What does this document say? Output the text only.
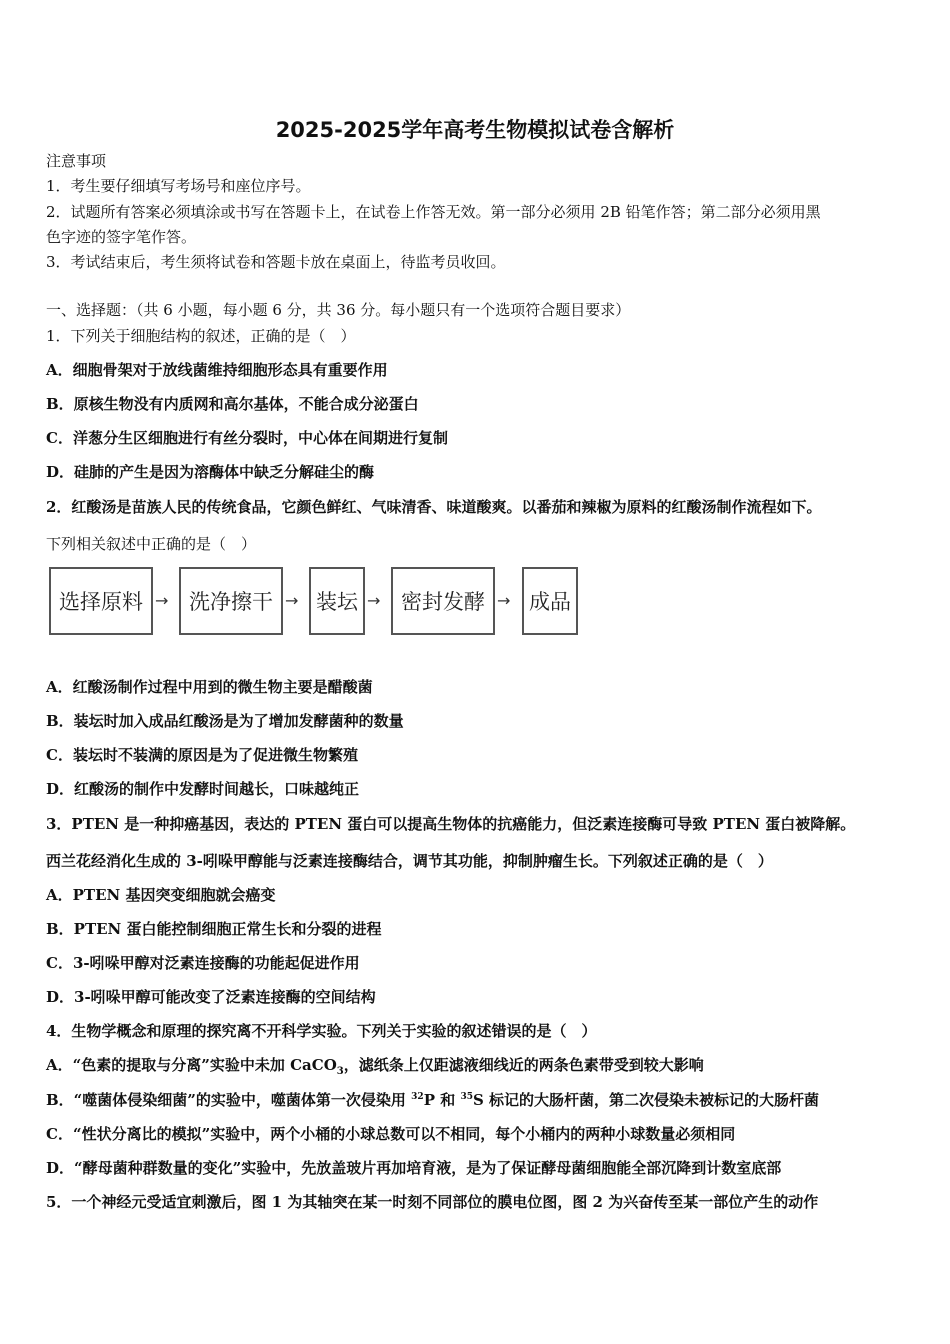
2025-2025学年高考生物模拟试卷含解析
注意事项
1．考生要仔细填写考场号和座位序号。
2．试题所有答案必须填涂或书写在答题卡上，在试卷上作答无效。第一部分必须用 2B 铅笔作答；第二部分必须用黑
色字迹的签字笔作答。
3．考试结束后，考生须将试卷和答题卡放在桌面上，待监考员收回。
一、选择题：（共 6 小题，每小题 6 分，共 36 分。每小题只有一个选项符合题目要求）
1．下列关于细胞结构的叙述，正确的是（　）
A．细胞骨架对于放线菌维持细胞形态具有重要作用
B．原核生物没有内质网和高尔基体，不能合成分泌蛋白
C．洋葱分生区细胞进行有丝分裂时，中心体在间期进行复制
D．硅肺的产生是因为溶酶体中缺乏分解硅尘的酶
2．红酸汤是苗族人民的传统食品，它颜色鲜红、气味清香、味道酸爽。以番茄和辣椒为原料的红酸汤制作流程如下。
下列相关叙述中正确的是（　）
选择原料 → 洗净擦干 → 装坛 → 密封发酵 → 成品
A．红酸汤制作过程中用到的微生物主要是醋酸菌
B．装坛时加入成品红酸汤是为了增加发酵菌种的数量
C．装坛时不装满的原因是为了促进微生物繁殖
D．红酸汤的制作中发酵时间越长，口味越纯正
3．PTEN 是一种抑癌基因，表达的 PTEN 蛋白可以提高生物体的抗癌能力，但泛素连接酶可导致 PTEN 蛋白被降解。
西兰花经消化生成的 3-吲哚甲醇能与泛素连接酶结合，调节其功能，抑制肿瘤生长。下列叙述正确的是（　）
A．PTEN 基因突变细胞就会癌变
B．PTEN 蛋白能控制细胞正常生长和分裂的进程
C．3-吲哚甲醇对泛素连接酶的功能起促进作用
D．3-吲哚甲醇可能改变了泛素连接酶的空间结构
4．生物学概念和原理的探究离不开科学实验。下列关于实验的叙述错误的是（　）
A．“色素的提取与分离”实验中未加 CaCO$_3$，滤纸条上仅距滤液细线近的两条色素带受到较大影响
B．“噬菌体侵染细菌”的实验中，噬菌体第一次侵染用 $^{32}$P 和 $^{35}$S 标记的大肠杆菌，第二次侵染未被标记的大肠杆菌
C．“性状分离比的模拟”实验中，两个小桶的小球总数可以不相同，每个小桶内的两种小球数量必须相同
D．“酵母菌种群数量的变化”实验中，先放盖玻片再加培育液，是为了保证酵母菌细胞能全部沉降到计数室底部
5．一个神经元受适宜刺激后，图 1 为其轴突在某一时刻不同部位的膜电位图，图 2 为兴奋传至某一部位产生的动作
